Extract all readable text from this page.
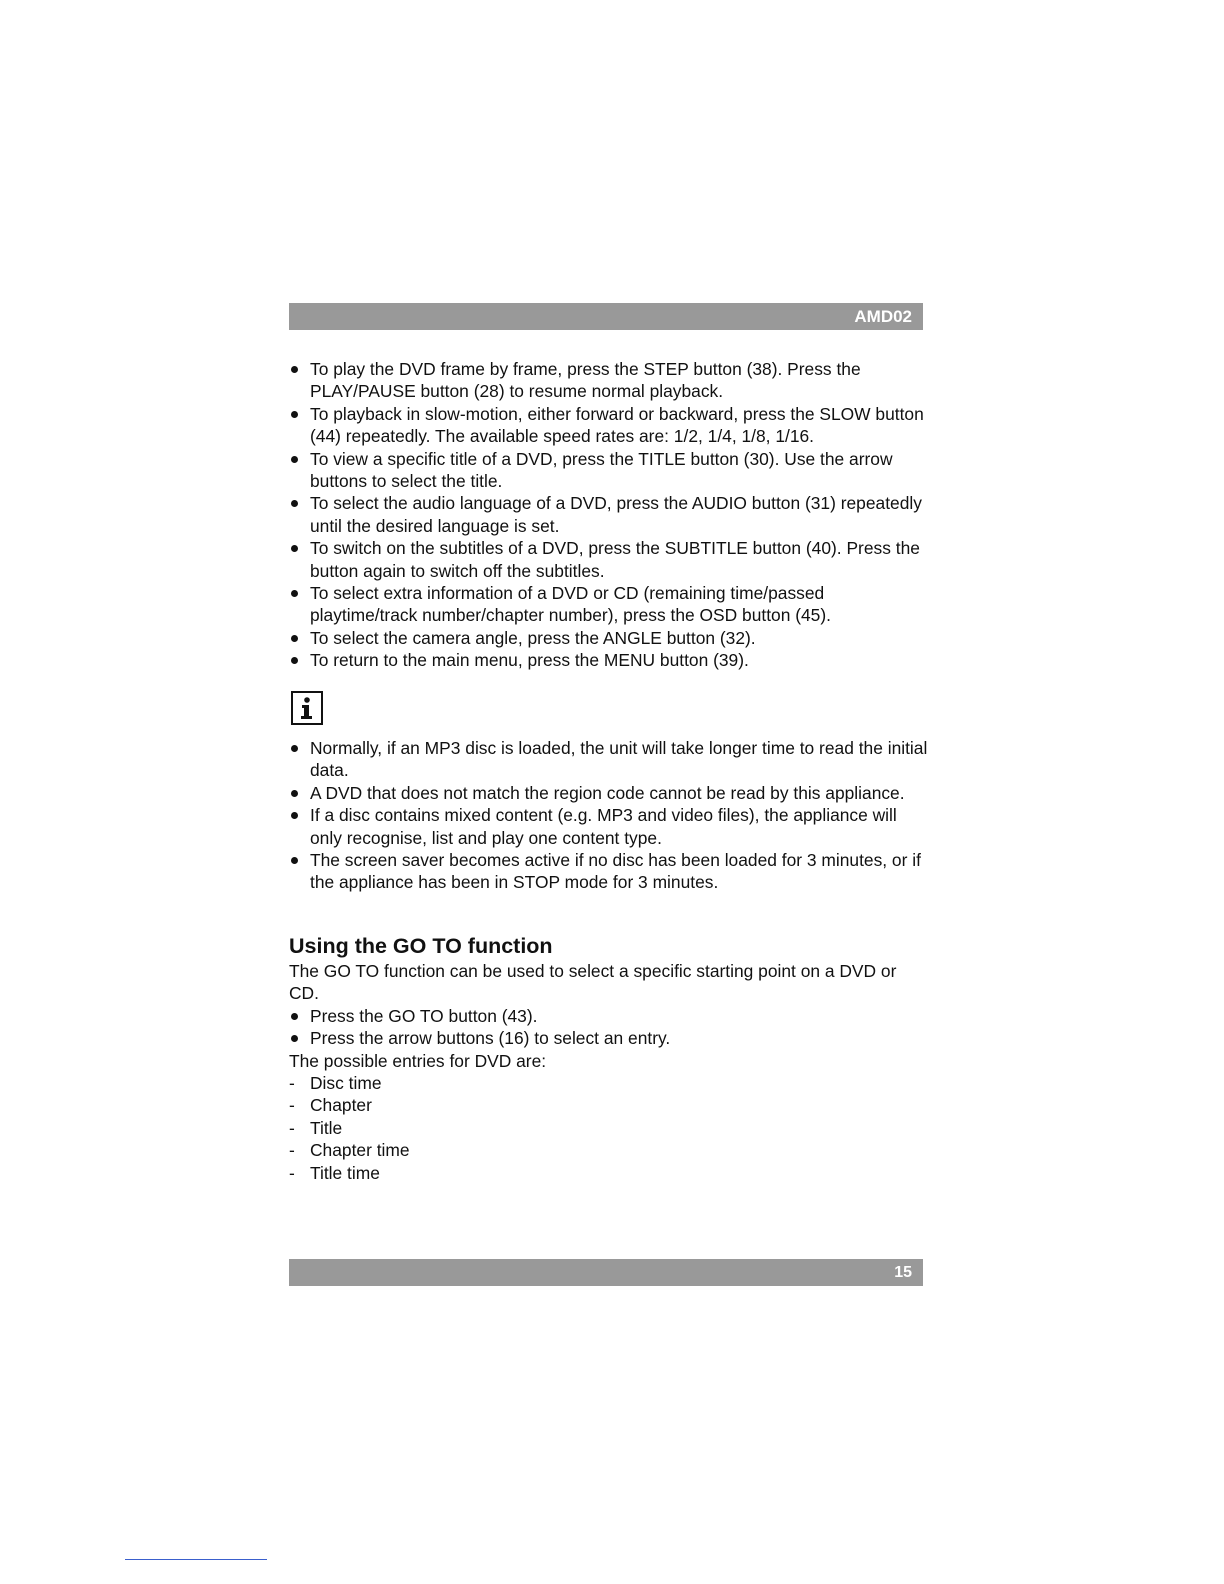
AMD02
To play the DVD frame by frame, press the STEP button (38). Press the PLAY/PAUSE button (28) to resume normal playback.
To playback in slow-motion, either forward or backward, press the SLOW button (44) repeatedly. The available speed rates are: 1/2, 1/4, 1/8, 1/16.
To view a specific title of a DVD, press the TITLE button (30). Use the arrow buttons to select the title.
To select the audio language of a DVD, press the AUDIO button (31) repeatedly until the desired language is set.
To switch on the subtitles of a DVD, press the SUBTITLE button (40). Press the button again to switch off the subtitles.
To select extra information of a DVD or CD (remaining time/passed playtime/track number/chapter number), press the OSD button (45).
To select the camera angle, press the ANGLE button (32).
To return to the main menu, press the MENU button (39).
Normally, if an MP3 disc is loaded, the unit will take longer time to read the initial data.
A DVD that does not match the region code cannot be read by this appliance.
If a disc contains mixed content (e.g. MP3 and video files), the appliance will only recognise, list and play one content type.
The screen saver becomes active if no disc has been loaded for 3 minutes, or if the appliance has been in STOP mode for 3 minutes.
Using the GO TO function

The GO TO function can be used to select a specific starting point on a DVD or CD.

Press the GO TO button (43).
Press the arrow buttons (16) to select an entry.

The possible entries for DVD are:

- Disc time
- Chapter
- Title
- Chapter time
- Title time
15
